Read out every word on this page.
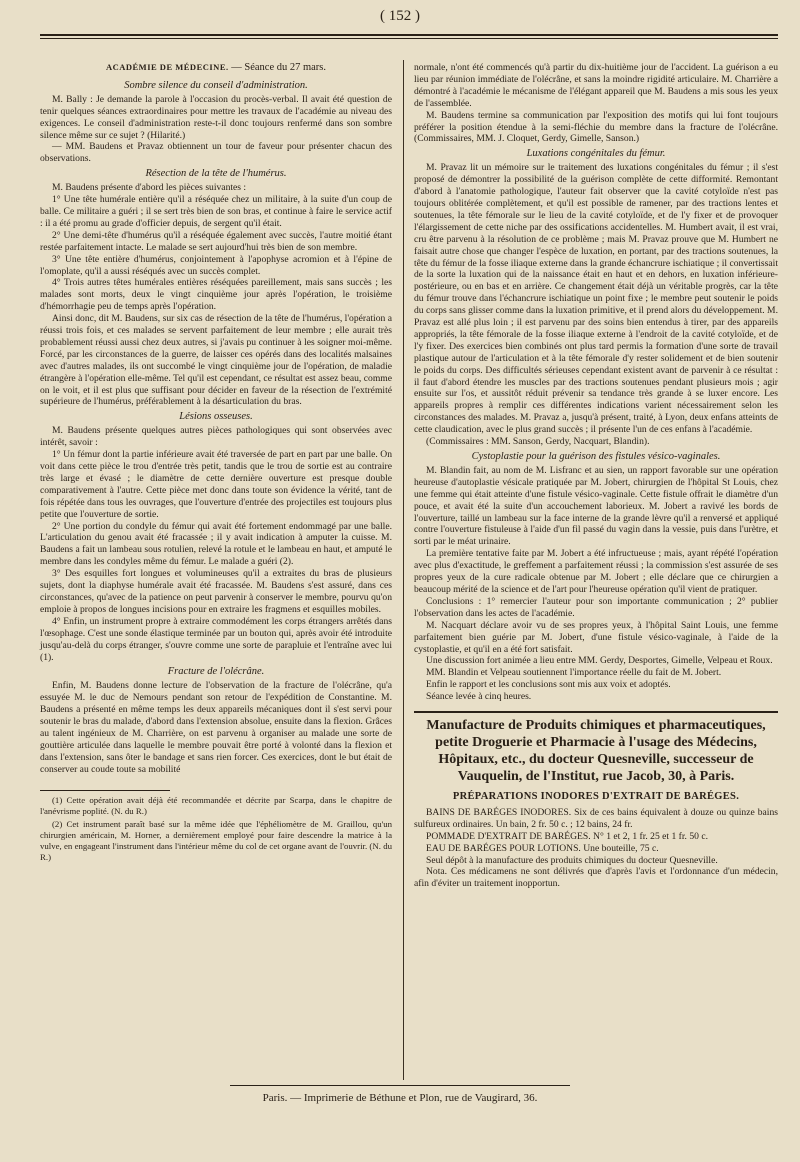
( 152 )
ACADÉMIE DE MÉDECINE. — Séance du 27 mars.
Sombre silence du conseil d'administration.

M. Bally : Je demande la parole à l'occasion du procès-verbal. Il avait été question de tenir quelques séances extraordinaires pour mettre les travaux de l'académie au niveau des exigences. Le conseil d'administration reste-t-il donc toujours renfermé dans son sombre silence même sur ce sujet ? (Hilarité.)

— MM. Baudens et Pravaz obtiennent un tour de faveur pour présenter chacun des observations.

Résection de la tête de l'humérus.

M. Baudens présente d'abord les pièces suivantes :

1° Une tête humérale entière qu'il a réséquée chez un militaire, à la suite d'un coup de balle. Ce militaire a guéri ; il se sert très bien de son bras, et continue à faire le service actif : il a été promu au grade d'officier depuis, de sergent qu'il était.

2° Une demi-tête d'humérus qu'il a réséquée également avec succès, l'autre moitié étant restée parfaitement intacte. Le malade se sert aujourd'hui très bien de son membre.

3° Une tête entière d'humérus, conjointement à l'apophyse acromion et à l'épine de l'omoplate, qu'il a aussi réséqués avec un succès complet.

4° Trois autres têtes humérales entières réséquées pareillement, mais sans succès ; les malades sont morts, deux le vingt cinquième jour après l'opération, le troisième d'hémorrhagie peu de temps après l'opération.

Ainsi donc, dit M. Baudens, sur six cas de résection de la tête de l'humérus, l'opération a réussi trois fois, et ces malades se servent parfaitement de leur membre ; elle aurait très probablement réussi aussi chez deux autres, si j'avais pu continuer à les soigner moi-même. Forcé, par les circonstances de la guerre, de laisser ces opérés dans des localités malsaines avec d'autres malades, ils ont succombé le vingt cinquième jour de l'opération, de maladie étrangère à l'opération elle-même. Tel qu'il est cependant, ce résultat est assez beau, comme on le voit, et il est plus que suffisant pour décider en faveur de la résection de l'extrémité supérieure de l'humérus, préférablement à la désarticulation du bras.

Lésions osseuses.

M. Baudens présente quelques autres pièces pathologiques qui sont observées avec intérêt, savoir :

1° Un fémur dont la partie inférieure avait été traversée de part en part par une balle. On voit dans cette pièce le trou d'entrée très petit, tandis que le trou de sortie est au contraire très large et évasé ; le diamètre de cette dernière ouverture est presque double comparativement à l'autre. Cette pièce met donc dans toute son évidence la vérité, tant de fois répétée dans tous les ouvrages, que l'ouverture d'entrée des projectiles est toujours plus petite que l'ouverture de sortie.

2° Une portion du condyle du fémur qui avait été fortement endommagé par une balle. L'articulation du genou avait été fracassée ; il y avait indication à amputer la cuisse. M. Baudens a fait un lambeau sous rotulien, relevé la rotule et le lambeau en haut, et amputé le membre dans les condyles même du fémur. Le malade a guéri (2).

3° Des esquilles fort longues et volumineuses qu'il a extraites du bras de plusieurs sujets, dont la diaphyse humérale avait été fracassée. M. Baudens s'est assuré, dans ces circonstances, qu'avec de la patience on peut parvenir à conserver le membre, pourvu qu'on emploie à propos de longues incisions pour en extraire les fragmens et esquilles mobiles.

4° Enfin, un instrument propre à extraire commodément les corps étrangers arrêtés dans l'œsophage. C'est une sonde élastique terminée par un bouton qui, après avoir été introduite jusqu'au-delà du corps étranger, s'ouvre comme une sorte de parapluie et l'entraîne avec lui (1).

Fracture de l'olécrâne.

Enfin, M. Baudens donne lecture de l'observation de la fracture de l'olécrâne, qu'a essuyée M. le duc de Nemours pendant son retour de l'expédition de Constantine. M. Baudens a présenté en même temps les deux appareils mécaniques dont il s'est servi pour soutenir le bras du malade, d'abord dans l'extension absolue, ensuite dans la flexion. Grâces au talent ingénieux de M. Charrière, on est parvenu à organiser au malade une sorte de gouttière articulée dans laquelle le membre pouvait être porté à volonté dans la flexion et dans l'extension, sans ôter le bandage et sans rien forcer. Ces exercices, dont le but était de conserver au coude toute sa mobilité

(1) Cette opération avait déjà été recommandée et décrite par Scarpa, dans le chapitre de l'anévrisme poplité. (N. du R.)

(2) Cet instrument paraît basé sur la même idée que l'éphéliomètre de M. Graillou, qu'un chirurgien américain, M. Horner, a dernièrement employé pour faire descendre la matrice à la vulve, en engageant l'instrument dans l'intérieur même du col de cet organe avant de l'ouvrir. (N. du R.)

normale, n'ont été commencés qu'à partir du dix-huitième jour de l'accident. La guérison a eu lieu par réunion immédiate de l'olécrâne, et sans la moindre rigidité articulaire. M. Charrière a démontré à l'académie le mécanisme de l'élégant appareil que M. Baudens a mis sous les yeux de l'assemblée.

M. Baudens termine sa communication par l'exposition des motifs qui lui font toujours préférer la position étendue à la semi-fléchie du membre dans la fracture de l'olécrâne. (Commissaires, MM. J. Cloquet, Gerdy, Gimelle, Sanson.)

Luxations congénitales du fémur.

M. Pravaz lit un mémoire sur le traitement des luxations congénitales du fémur ; il s'est proposé de démontrer la possibilité de la guérison complète de cette difformité. Remontant d'abord à l'anatomie pathologique, l'auteur fait observer que la cavité cotyloïde n'est pas toujours oblitérée complètement, et qu'il est possible de ramener, par des tractions lentes et soutenues, la tête fémorale sur le lieu de la cavité cotyloïde, et de l'y fixer et de provoquer l'élargissement de cette niche par des ossifications accidentelles. M. Humbert avait, il est vrai, cru être parvenu à la résolution de ce problème ; mais M. Pravaz prouve que M. Humbert ne faisait autre chose que changer l'espèce de luxation, en portant, par des tractions soutenues, la tête du fémur de la fosse iliaque externe dans la grande échancrure ischiatique ; il convertissait de la sorte la luxation qui de la naissance était en haut et en dehors, en luxation inférieure-postérieure, ou en bas et en arrière. Ce changement était déjà un véritable progrès, car la tête du fémur trouve dans l'échancrure ischiatique un point fixe ; le membre peut soutenir le poids du corps sans glisser comme dans la luxation primitive, et il prend alors du développement. M. Pravaz est allé plus loin ; il est parvenu par des soins bien entendus à tirer, par des appareils appropriés, la tête fémorale de la fosse iliaque externe à l'endroit de la cavité cotyloïde, et de l'y fixer. Des exercices bien combinés ont plus tard permis la formation d'une sorte de travail plastique autour de l'articulation et à la tête fémorale d'y rester solidement et de bien soutenir le poids du corps. Des difficultés sérieuses cependant existent avant de parvenir à ce résultat : il faut d'abord étendre les muscles par des tractions soutenues pendant plusieurs mois ; agir ensuite sur l'os, et aussitôt réduit prévenir sa tendance très grande à se luxer encore. Les appareils propres à remplir ces différentes indications varient nécessairement selon les circonstances des malades. M. Pravaz a, jusqu'à présent, traité, à Lyon, deux enfans atteints de cette claudication, avec le plus grand succès ; il présente l'un de ces enfans à l'académie.

(Commissaires : MM. Sanson, Gerdy, Nacquart, Blandin).

Cystoplastie pour la guérison des fistules vésico-vaginales.

M. Blandin fait, au nom de M. Lisfranc et au sien, un rapport favorable sur une opération heureuse d'autoplastie vésicale pratiquée par M. Jobert, chirurgien de l'hôpital St Louis, chez une femme qui était atteinte d'une fistule vésico-vaginale. Cette fistule offrait le diamètre d'un pouce, et avait été la suite d'un accouchement laborieux. M. Jobert a ravivé les bords de l'ouverture, taillé un lambeau sur la face interne de la grande lèvre qu'il a renversé et appliqué contre l'ouverture fistuleuse à l'aide d'un fil passé du vagin dans la vessie, puis dans l'urètre, et sorti par le méat urinaire.

La première tentative faite par M. Jobert a été infructueuse ; mais, ayant répété l'opération avec plus d'exactitude, le greffement a parfaitement réussi ; la commission s'est assurée de ses propres yeux de la cure radicale obtenue par M. Jobert ; elle déclare que ce chirurgien a beaucoup mérité de la science et de l'art pour l'heureuse opération qu'il vient de pratiquer.

Conclusions : 1° remercier l'auteur pour son importante communication ; 2° publier l'observation dans les actes de l'académie.

M. Nacquart déclare avoir vu de ses propres yeux, à l'hôpital Saint Louis, une femme parfaitement bien guérie par M. Jobert, d'une fistule vésico-vaginale, à l'aide de la cystoplastie, et qu'il en a été fort satisfait.

Une discussion fort animée a lieu entre MM. Gerdy, Desportes, Gimelle, Velpeau et Roux.

MM. Blandin et Velpeau soutiennent l'importance réelle du fait de M. Jobert.

Enfin le rapport et les conclusions sont mis aux voix et adoptés.

Séance levée à cinq heures.

Manufacture de Produits chimiques et pharmaceutiques, petite Droguerie et Pharmacie à l'usage des Médecins, Hôpitaux, etc., du docteur Quesneville, successeur de Vauquelin, de l'Institut, rue Jacob, 30, à Paris.
PRÉPARATIONS INODORES D'EXTRAIT DE BARÉGES.

BAINS DE BARÉGES INODORES. Six de ces bains équivalent à douze ou quinze bains sulfureux ordinaires. Un bain, 2 fr. 50 c. ; 12 bains, 24 fr.

POMMADE D'EXTRAIT DE BARÉGES. N° 1 et 2, 1 fr. 25 et 1 fr. 50 c.

EAU DE BARÉGES POUR LOTIONS. Une bouteille, 75 c.

Seul dépôt à la manufacture des produits chimiques du docteur Quesneville.

Nota. Ces médicamens ne sont délivrés que d'après l'avis et l'ordonnance d'un médecin, afin d'éviter un traitement inopportun.

Paris. — Imprimerie de Béthune et Plon, rue de Vaugirard, 36.
